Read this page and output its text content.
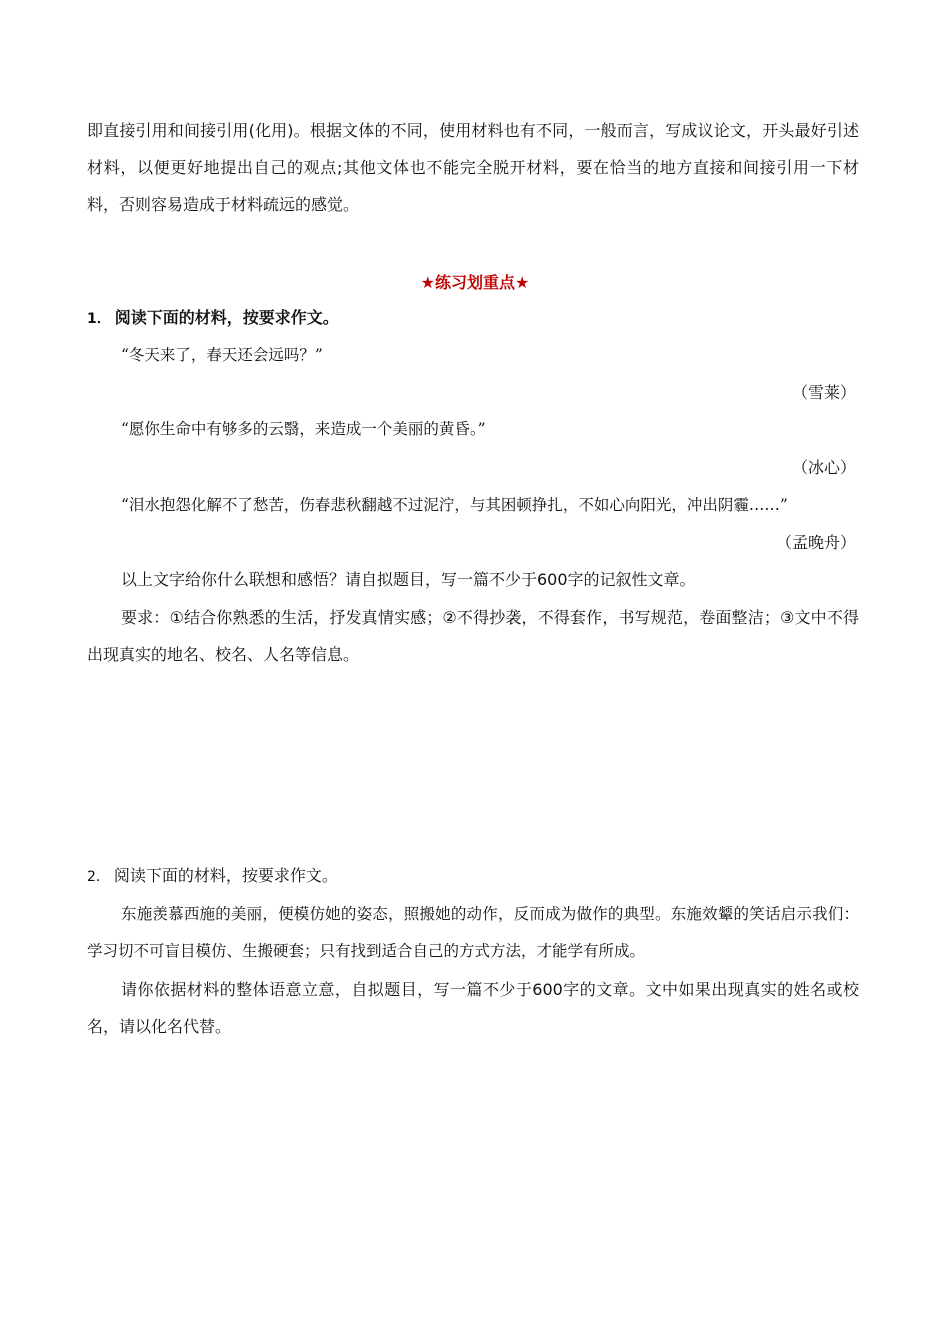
即直接引用和间接引用(化用)。根据文体的不同，使用材料也有不同，一般而言，写成议论文，开头最好引述材料，以便更好地提出自己的观点;其他文体也不能完全脱开材料，要在恰当的地方直接和间接引用一下材料，否则容易造成于材料疏远的感觉。

★练习划重点★

1． 阅读下面的材料，按要求作文。

“冬天来了，春天还会远吗？”

（雪莱）

“愿你生命中有够多的云翳，来造成一个美丽的黄昏。”

（冰心）

“泪水抱怨化解不了愁苦，伤春悲秋翻越不过泥泞，与其困顿挣扎，不如心向阳光，冲出阴霾……”

（孟晚舟）

以上文字给你什么联想和感悟？请自拟题目，写一篇不少于600字的记叙性文章。

要求：①结合你熟悉的生活，抒发真情实感；②不得抄袭，不得套作，书写规范，卷面整洁；③文中不得出现真实的地名、校名、人名等信息。

2． 阅读下面的材料，按要求作文。

东施羡慕西施的美丽，便模仿她的姿态，照搬她的动作，反而成为做作的典型。东施效颦的笑话启示我们：学习切不可盲目模仿、生搬硬套；只有找到适合自己的方式方法，才能学有所成。

请你依据材料的整体语意立意，自拟题目，写一篇不少于600字的文章。文中如果出现真实的姓名或校名，请以化名代替。
